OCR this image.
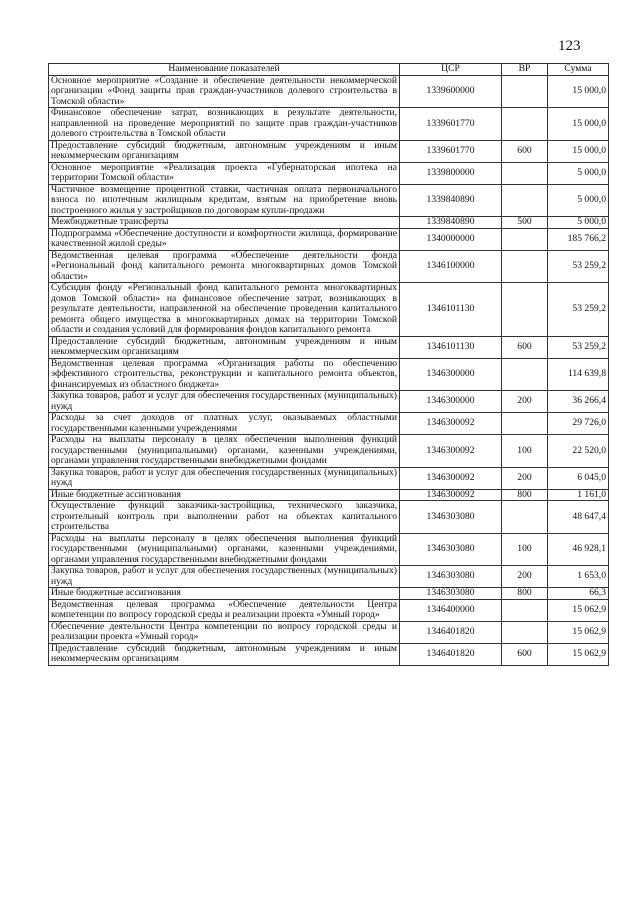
123
Наименование показателей	ЦСР	ВР	Сумма
Основное мероприятие «Создание и обеспечение деятельности некоммерческой организации «Фонд защиты прав граждан-участников долевого строительства в Томской области»	1339600000		15 000,0
Финансовое обеспечение затрат, возникающих в результате деятельности, направленной на проведение мероприятий по защите прав граждан-участников долевого строительства в Томской области	1339601770		15 000,0
Предоставление субсидий бюджетным, автономным учреждениям и иным некоммерческим организациям	1339601770	600	15 000,0
Основное мероприятие «Реализация проекта «Губернаторская ипотека на территории Томской области»	1339800000		5 000,0
Частичное возмещение процентной ставки, частичная оплата первоначального взноса по ипотечным жилищным кредитам, взятым на приобретение вновь построенного жилья у застройщиков по договорам купли-продажи	1339840890		5 000,0
Межбюджетные трансферты	1339840890	500	5 000,0
Подпрограмма «Обеспечение доступности и комфортности жилища, формирование качественной жилой среды»	1340000000		185 766,2
Ведомственная целевая программа «Обеспечение деятельности фонда «Региональный фонд капитального ремонта многоквартирных домов Томской области»	1346100000		53 259,2
Субсидия фонду «Региональный фонд капитального ремонта многоквартирных домов Томской области» на финансовое обеспечение затрат, возникающих в результате деятельности, направленной на обеспечение проведения капитального ремонта общего имущества в многоквартирных домах на территории Томской области и создания условий для формирования фондов капитального ремонта	1346101130		53 259,2
Предоставление субсидий бюджетным, автономным учреждениям и иным некоммерческим организациям	1346101130	600	53 259,2
Ведомственная целевая программа «Организация работы по обеспечению эффективного строительства, реконструкции и капитального ремонта объектов, финансируемых из областного бюджета»	1346300000		114 639,8
Закупка товаров, работ и услуг для обеспечения государственных (муниципальных) нужд	1346300000	200	36 266,4
Расходы за счет доходов от платных услуг, оказываемых областными государственными казенными учреждениями	1346300092		29 726,0
Расходы на выплаты персоналу в целях обеспечения выполнения функций государственными (муниципальными) органами, казенными учреждениями, органами управления государственными внебюджетными фондами	1346300092	100	22 520,0
Закупка товаров, работ и услуг для обеспечения государственных (муниципальных) нужд	1346300092	200	6 045,0
Иные бюджетные ассигнования	1346300092	800	1 161,0
Осуществление функций заказчика-застройщика, технического заказчика, строительный контроль при выполнении работ на объектах капитального строительства	1346303080		48 647,4
Расходы на выплаты персоналу в целях обеспечения выполнения функций государственными (муниципальными) органами, казенными учреждениями, органами управления государственными внебюджетными фондами	1346303080	100	46 928,1
Закупка товаров, работ и услуг для обеспечения государственных (муниципальных) нужд	1346303080	200	1 653,0
Иные бюджетные ассигнования	1346303080	800	66,3
Ведомственная целевая программа «Обеспечение деятельности Центра компетенции по вопросу городской среды и реализации проекта «Умный город»	1346400000		15 062,9
Обеспечение деятельности Центра компетенции по вопросу городской среды и реализации проекта «Умный город»	1346401820		15 062,9
Предоставление субсидий бюджетным, автономным учреждениям и иным некоммерческим организациям	1346401820	600	15 062,9
